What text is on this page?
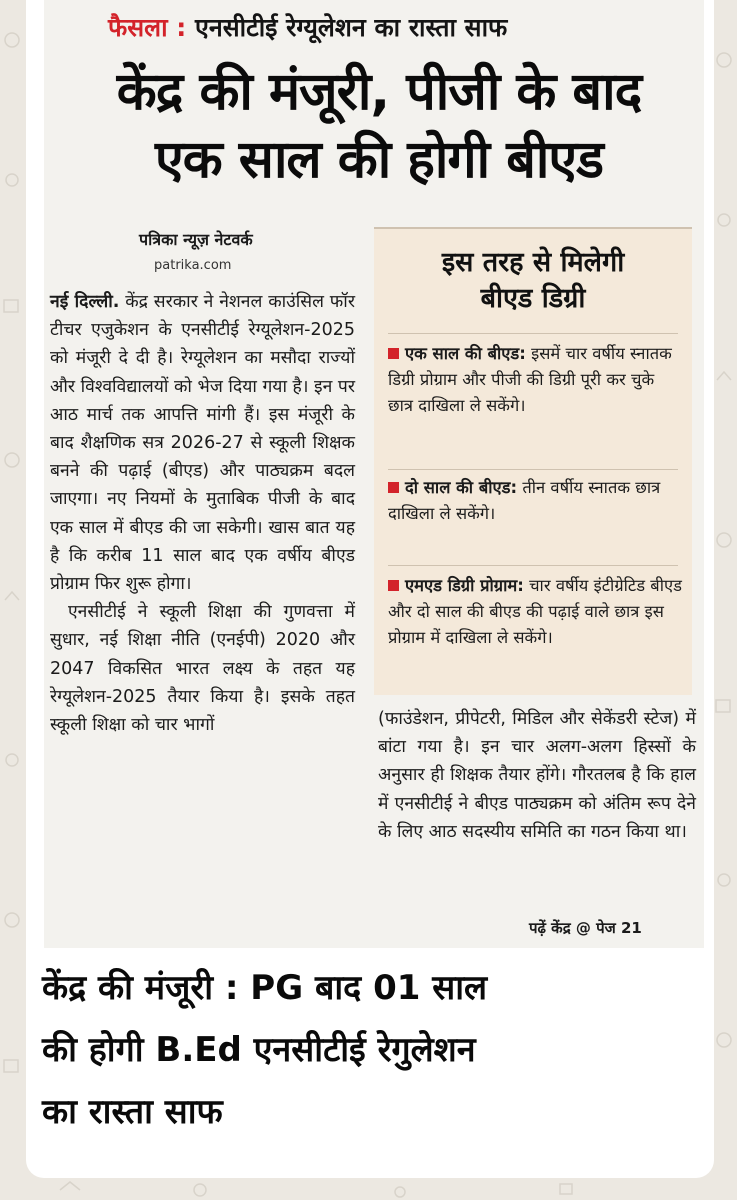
फैसला : एनसीटीई रेग्यूलेशन का रास्ता साफ
केंद्र की मंजूरी, पीजी के बाद
एक साल की होगी बीएड
पत्रिका न्यूज़ नेटवर्क
patrika.com

नई दिल्ली. केंद्र सरकार ने नेशनल काउंसिल फॉर टीचर एजुकेशन के एनसीटीई रेग्यूलेशन-2025 को मंजूरी दे दी है। रेग्यूलेशन का मसौदा राज्यों और विश्वविद्यालयों को भेज दिया गया है। इन पर आठ मार्च तक आपत्ति मांगी हैं। इस मंजूरी के बाद शैक्षणिक सत्र 2026-27 से स्कूली शिक्षक बनने की पढ़ाई (बीएड) और पाठ्यक्रम बदल जाएगा। नए नियमों के मुताबिक पीजी के बाद एक साल में बीएड की जा सकेगी। खास बात यह है कि करीब 11 साल बाद एक वर्षीय बीएड प्रोग्राम फिर शुरू होगा।

एनसीटीई ने स्कूली शिक्षा की गुणवत्ता में सुधार, नई शिक्षा नीति (एनईपी) 2020 और 2047 विकसित भारत लक्ष्य के तहत यह रेग्यूलेशन-2025 तैयार किया है। इसके तहत स्कूली शिक्षा को चार भागों

इस तरह से मिलेगी
बीएड डिग्री
एक साल की बीएड: इसमें चार वर्षीय स्नातक डिग्री प्रोग्राम और पीजी की डिग्री पूरी कर चुके छात्र दाखिला ले सकेंगे।
दो साल की बीएड: तीन वर्षीय स्नातक छात्र दाखिला ले सकेंगे।
एमएड डिग्री प्रोग्राम: चार वर्षीय इंटीग्रेटिड बीएड और दो साल की बीएड की पढ़ाई वाले छात्र इस प्रोग्राम में दाखिला ले सकेंगे।
(फाउंडेशन, प्रीपेटरी, मिडिल और सेकेंडरी स्टेज) में बांटा गया है। इन चार अलग-अलग हिस्सों के अनुसार ही शिक्षक तैयार होंगे। गौरतलब है कि हाल में एनसीटीई ने बीएड पाठ्यक्रम को अंतिम रूप देने के लिए आठ सदस्यीय समिति का गठन किया था।
पढ़ें केंद्र @ पेज 21
केंद्र की मंजूरी : PG बाद 01 साल
की होगी B.Ed एनसीटीई रेगुलेशन
का रास्ता साफ
